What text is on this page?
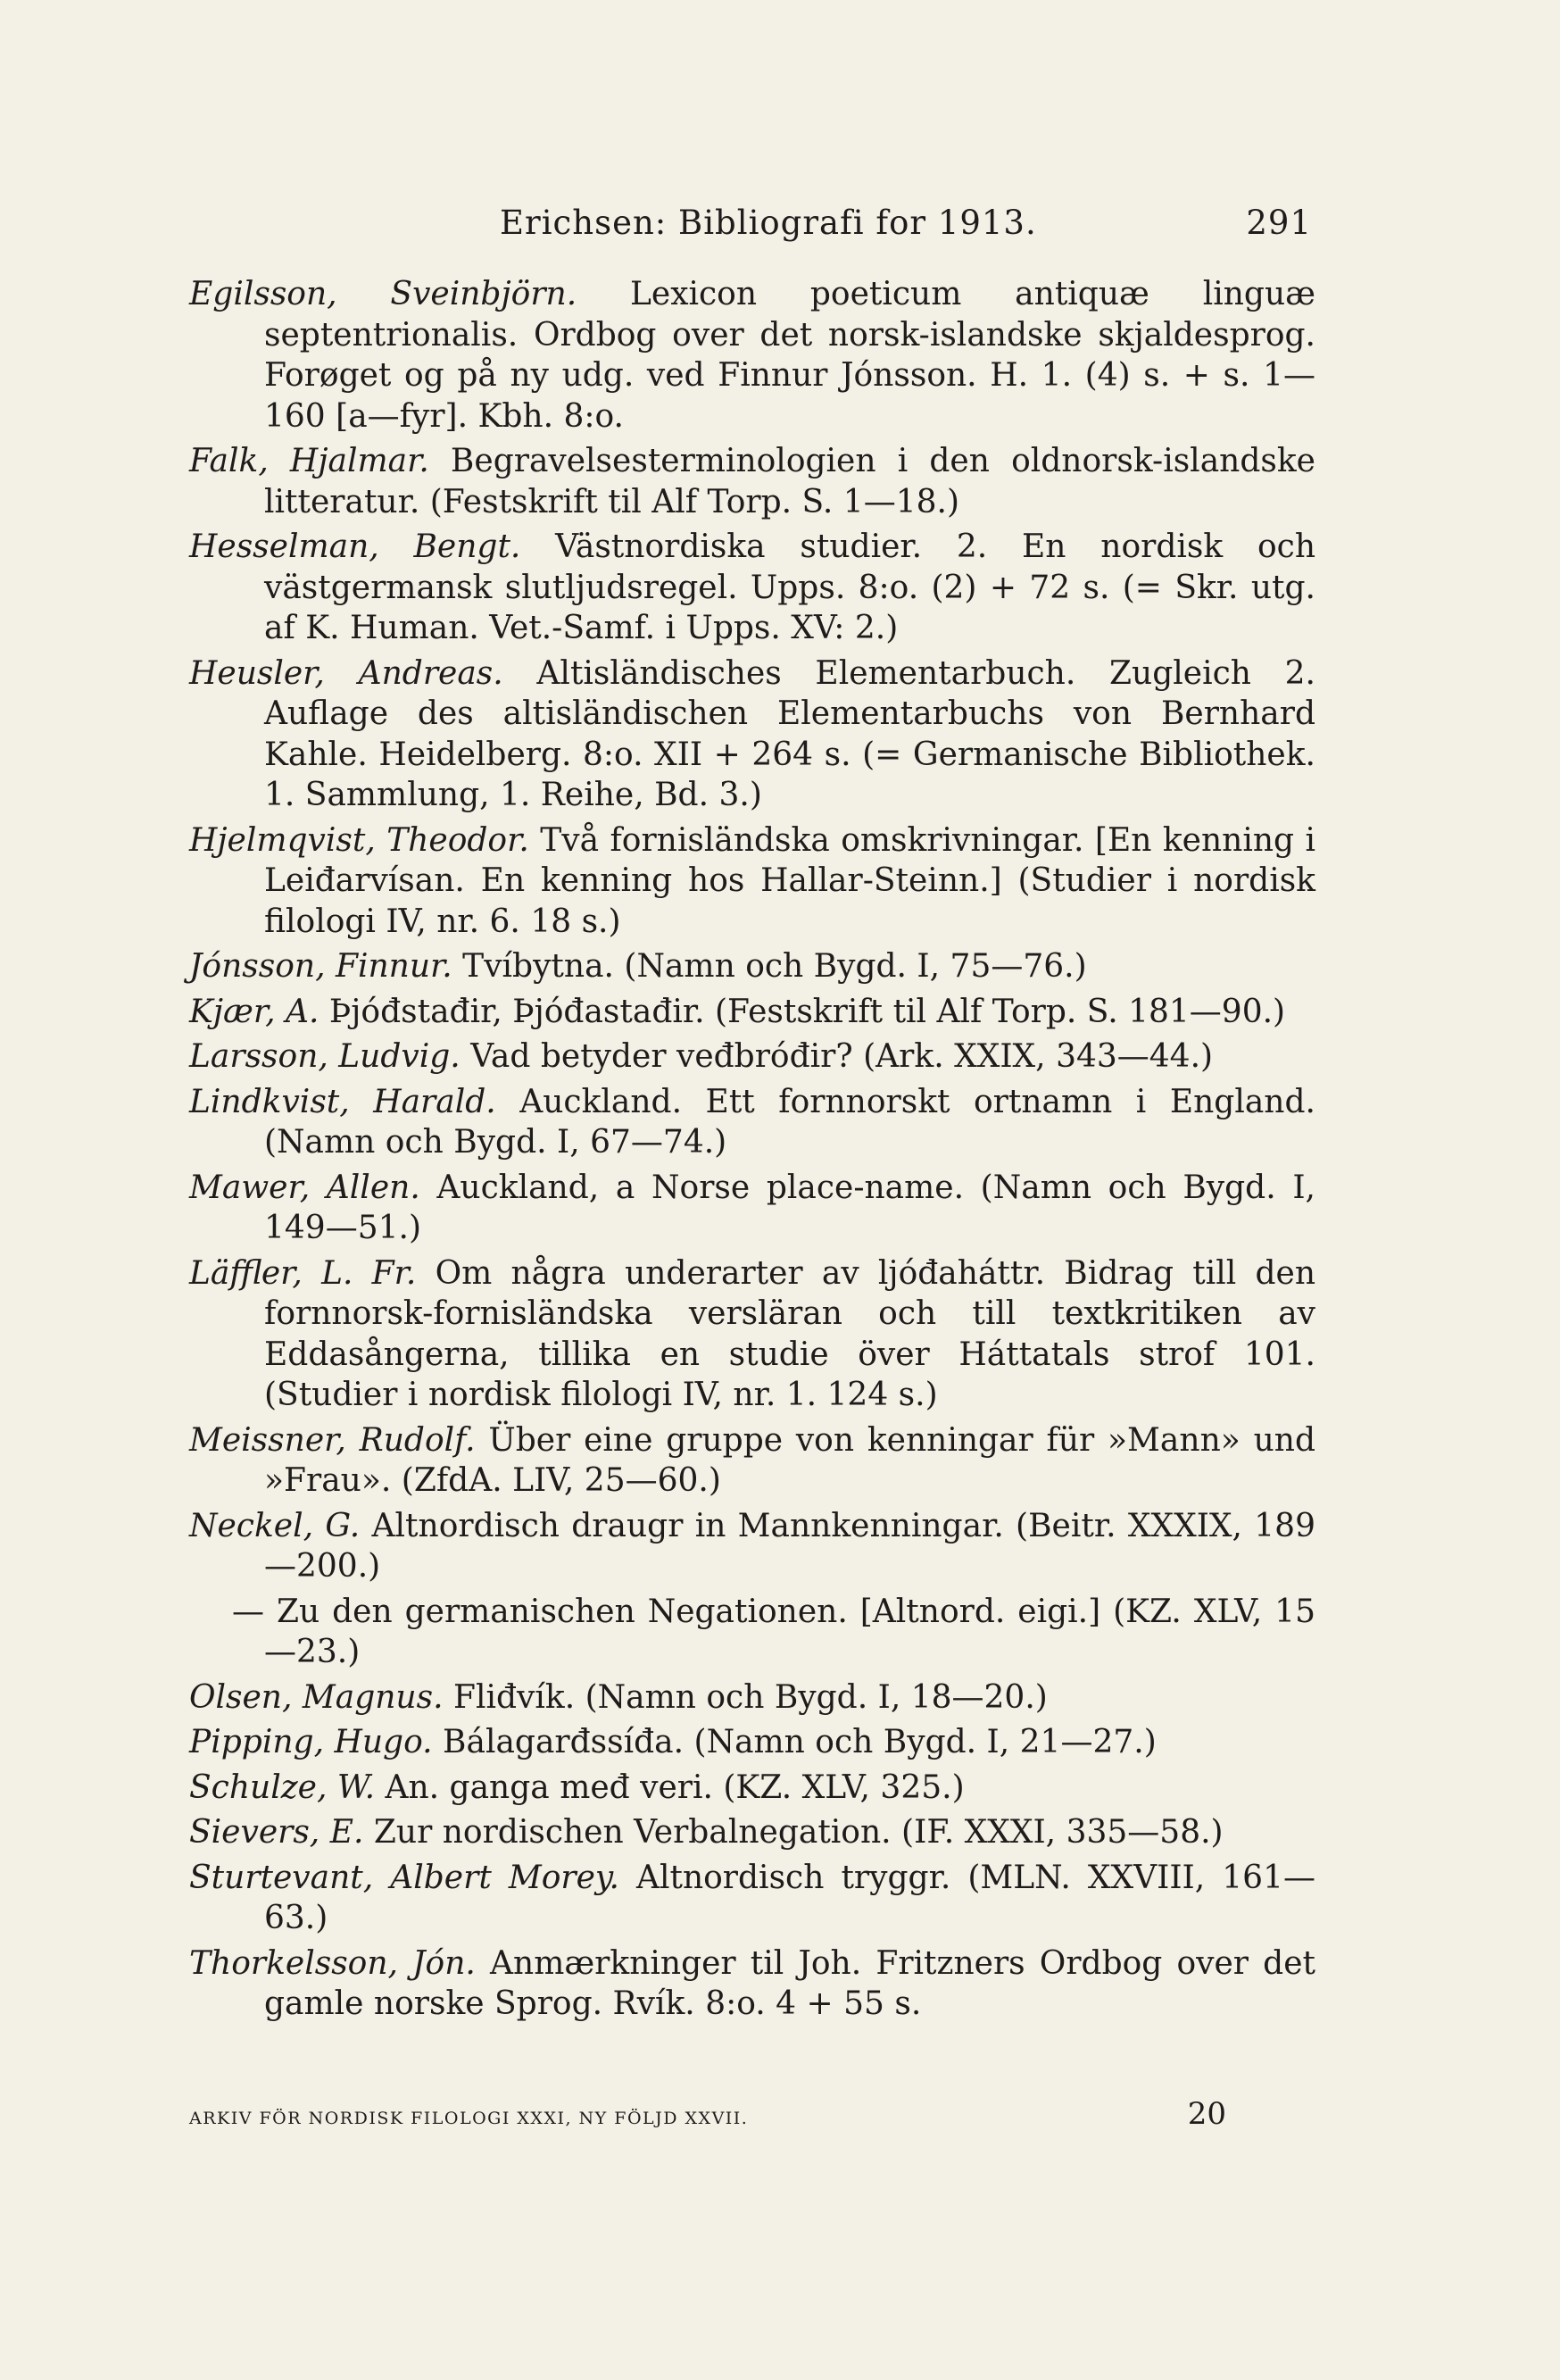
Erichsen: Bibliografi for 1913.	291

Egilsson, Sveinbjörn. Lexicon poeticum antiquæ linguæ septentrionalis. Ordbog over det norsk-islandske skjaldesprog. Forøget og på ny udg. ved Finnur Jónsson. H. 1. (4) s. + s. 1—160 [a—fyr]. Kbh. 8:o.

Falk, Hjalmar. Begravelsesterminologien i den oldnorsk-islandske litteratur. (Festskrift til Alf Torp. S. 1—18.)

Hesselman, Bengt. Västnordiska studier. 2. En nordisk och västgermansk slutljudsregel. Upps. 8:o. (2) + 72 s. (= Skr. utg. af K. Human. Vet.-Samf. i Upps. XV: 2.)

Heusler, Andreas. Altisländisches Elementarbuch. Zugleich 2. Auflage des altisländischen Elementarbuchs von Bernhard Kahle. Heidelberg. 8:o. XII + 264 s. (= Germanische Bibliothek. 1. Sammlung, 1. Reihe, Bd. 3.)

Hjelmqvist, Theodor. Två fornisländska omskrivningar. [En kenning i Leiđarvísan. En kenning hos Hallar-Steinn.] (Studier i nordisk filologi IV, nr. 6. 18 s.)

Jónsson, Finnur. Tvíbytna. (Namn och Bygd. I, 75—76.)

Kjær, A. Þjóđstađir, Þjóđastađir. (Festskrift til Alf Torp. S. 181—90.)

Larsson, Ludvig. Vad betyder veđbróđir? (Ark. XXIX, 343—44.)

Lindkvist, Harald. Auckland. Ett fornnorskt ortnamn i England. (Namn och Bygd. I, 67—74.)

Mawer, Allen. Auckland, a Norse place-name. (Namn och Bygd. I, 149—51.)

Läffler, L. Fr. Om några underarter av ljóđaháttr. Bidrag till den fornnorsk-fornisländska versläran och till textkritiken av Eddasångerna, tillika en studie över Háttatals strof 101. (Studier i nordisk filologi IV, nr. 1. 124 s.)

Meissner, Rudolf. Über eine gruppe von kenningar für »Mann» und »Frau». (ZfdA. LIV, 25—60.)

Neckel, G. Altnordisch draugr in Mannkenningar. (Beitr. XXXIX, 189—200.)

— Zu den germanischen Negationen. [Altnord. eigi.] (KZ. XLV, 15—23.)

Olsen, Magnus. Fliđvík. (Namn och Bygd. I, 18—20.)

Pipping, Hugo. Bálagarđssíđa. (Namn och Bygd. I, 21—27.)

Schulze, W. An. ganga međ veri. (KZ. XLV, 325.)

Sievers, E. Zur nordischen Verbalnegation. (IF. XXXI, 335—58.)

Sturtevant, Albert Morey. Altnordisch tryggr. (MLN. XXVIII, 161—63.)

Thorkelsson, Jón. Anmærkninger til Joh. Fritzners Ordbog over det gamle norske Sprog. Rvík. 8:o. 4 + 55 s.

ARKIV FÖR NORDISK FILOLOGI XXXI, NY FÖLJD XXVII.	20
